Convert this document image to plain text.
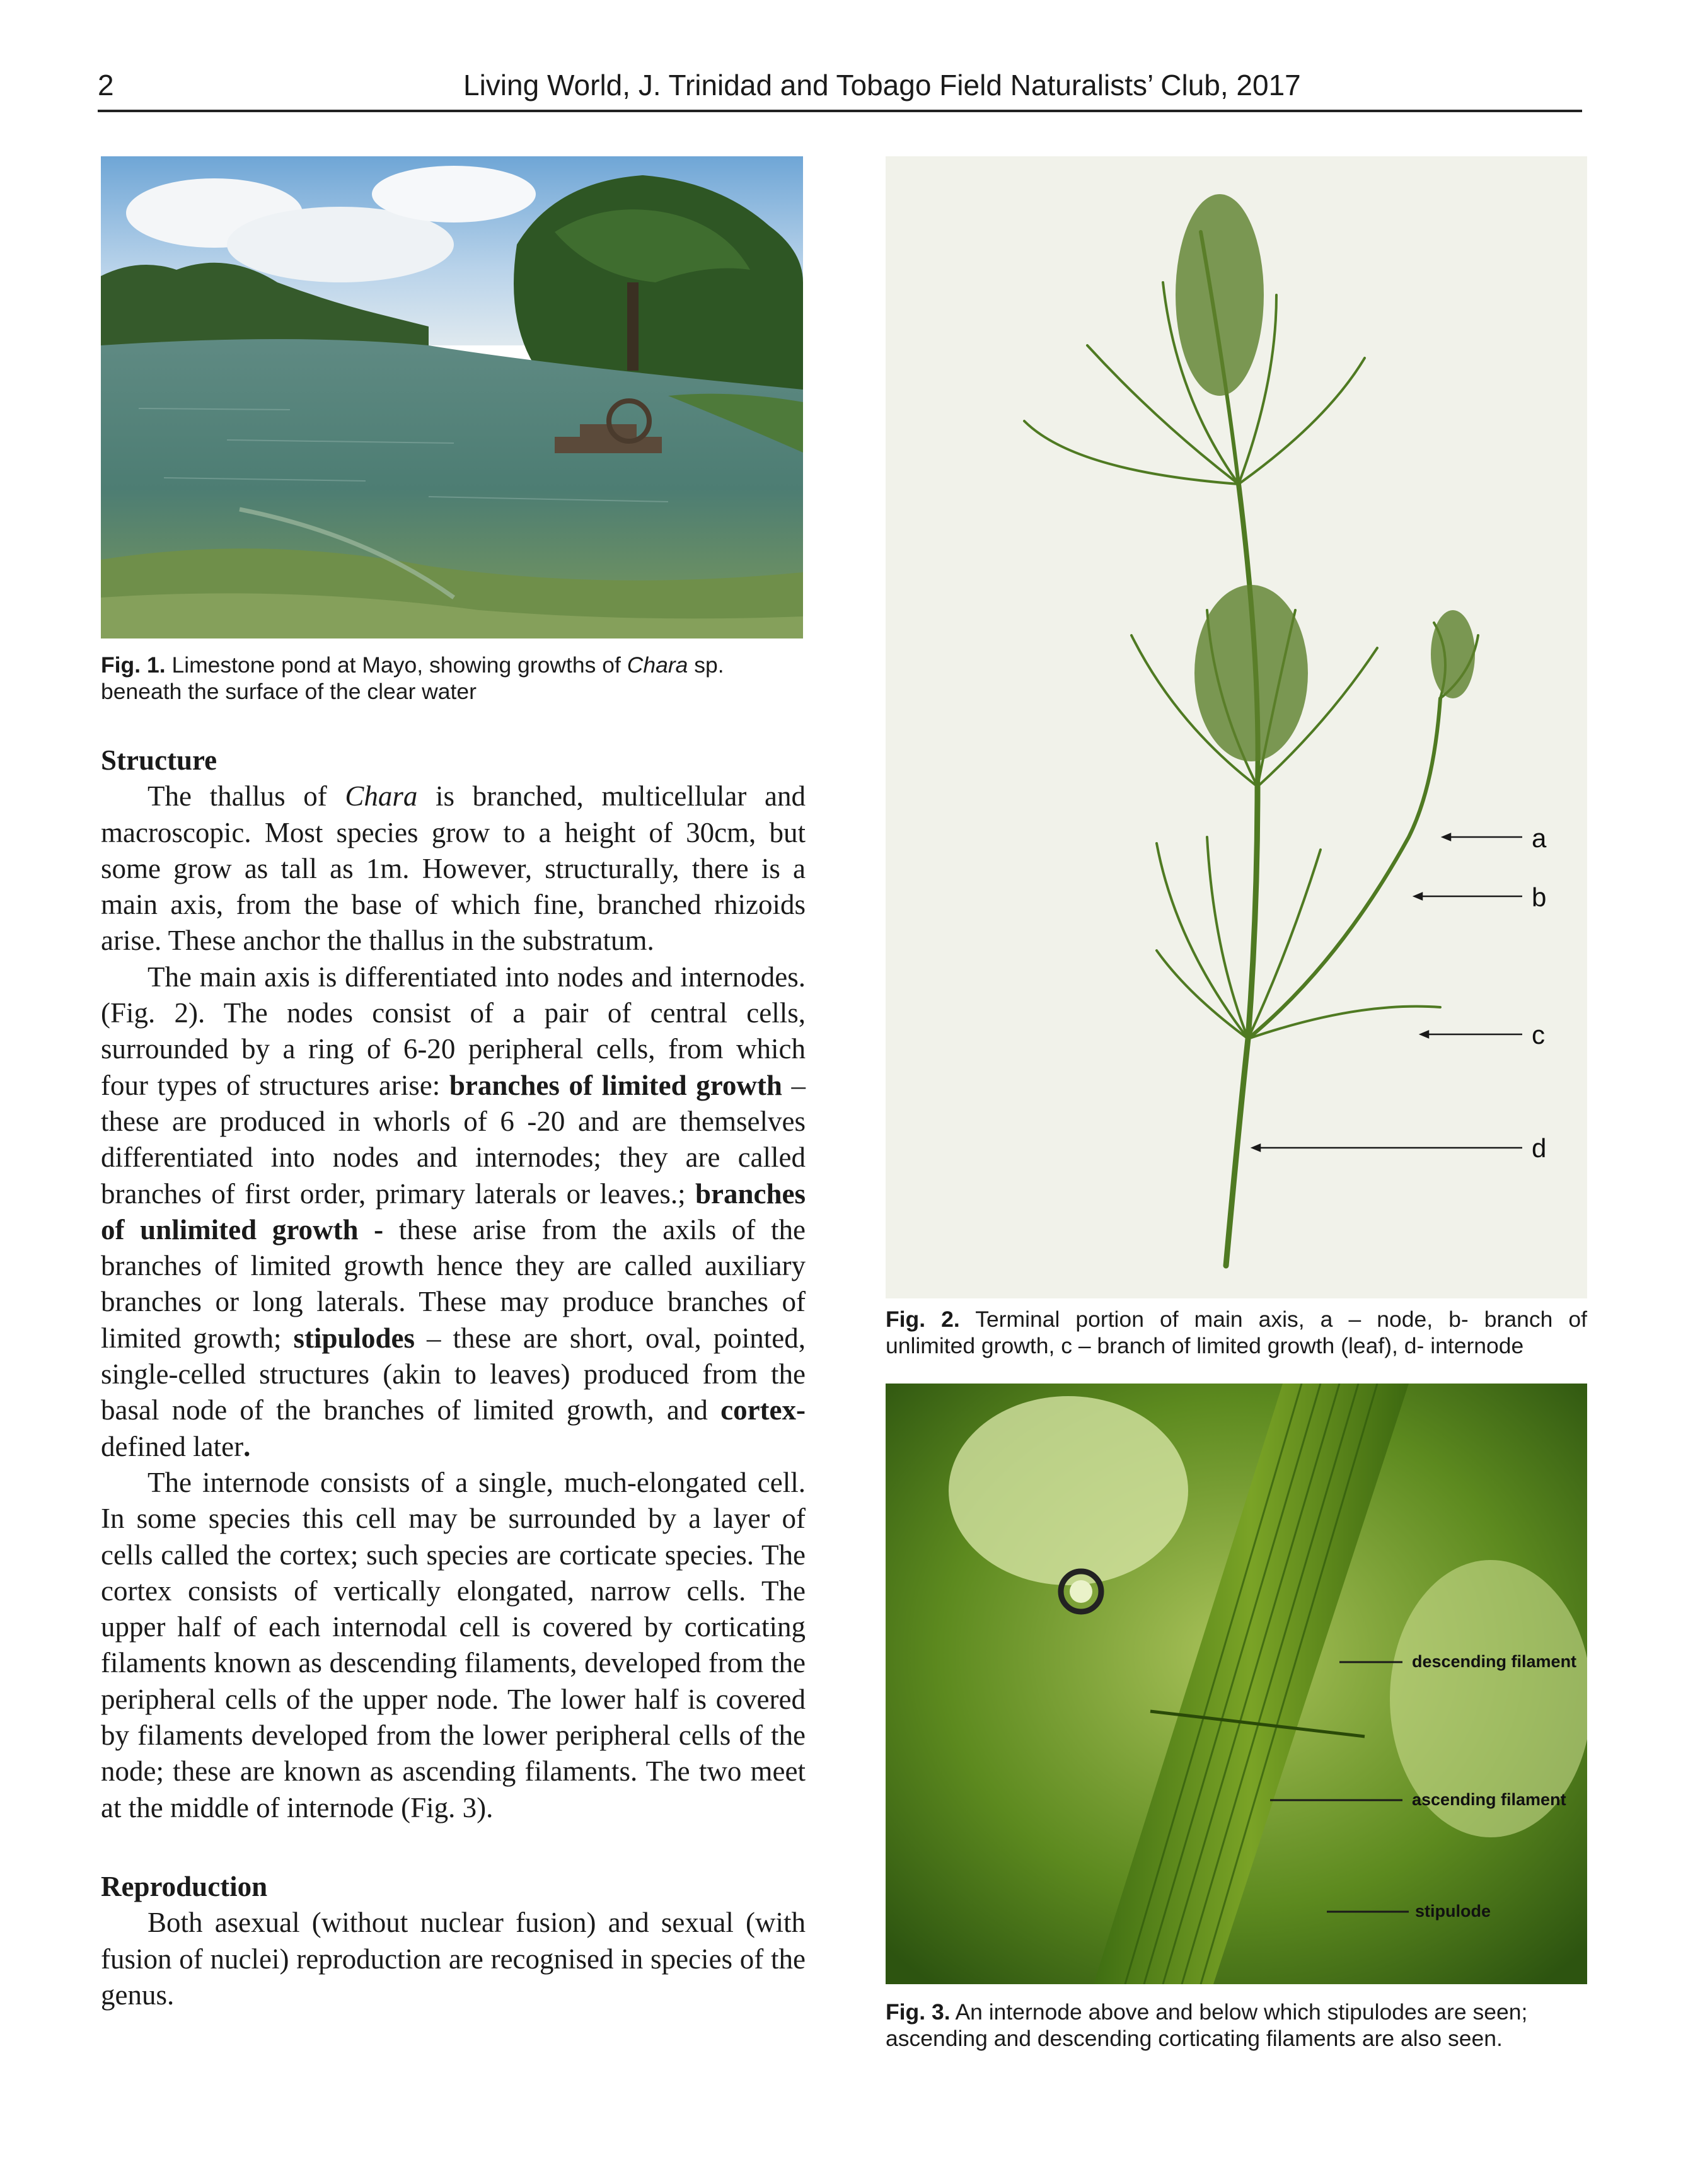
2	Living World, J. Trinidad and Tobago Field Naturalists’ Club, 2017
Fig. 1. Limestone pond at Mayo, showing growths of Chara sp. beneath the surface of the clear water
Structure

The thallus of Chara is branched, multicellular and macroscopic. Most species grow to a height of 30cm, but some grow as tall as 1m. However, structurally, there is a main axis, from the base of which fine, branched rhizoids arise. These anchor the thallus in the substratum.

The main axis is differentiated into nodes and internodes. (Fig. 2). The nodes consist of a pair of central cells, surrounded by a ring of 6-20 peripheral cells, from which four types of structures arise: branches of limited growth – these are produced in whorls of 6 -20 and are themselves differentiated into nodes and internodes; they are called branches of first order, primary laterals or leaves.; branches of unlimited growth - these arise from the axils of the branches of limited growth hence they are called auxiliary branches or long laterals. These may produce branches of limited growth; stipulodes – these are short, oval, pointed, single-celled structures (akin to leaves) produced from the basal node of the branches of limited growth, and cortex- defined later.

The internode consists of a single, much-elongated cell. In some species this cell may be surrounded by a layer of cells called the cortex; such species are corticate species. The cortex consists of vertically elongated, narrow cells. The upper half of each internodal cell is covered by corticating filaments known as descending filaments, developed from the peripheral cells of the upper node. The lower half is covered by filaments developed from the lower peripheral cells of the node; these are known as ascending filaments. The two meet at the middle of internode (Fig. 3).

Reproduction

Both asexual (without nuclear fusion) and sexual (with fusion of nuclei) reproduction are recognised in species of the genus.

a
b
c
d
Fig. 2. Terminal portion of main axis, a – node, b- branch of
unlimited growth, c – branch of limited growth (leaf), d- internode
descending filament
ascending filament
stipulode
Fig. 3. An internode above and below which stipulodes are seen;
ascending and descending corticating filaments are also seen.
